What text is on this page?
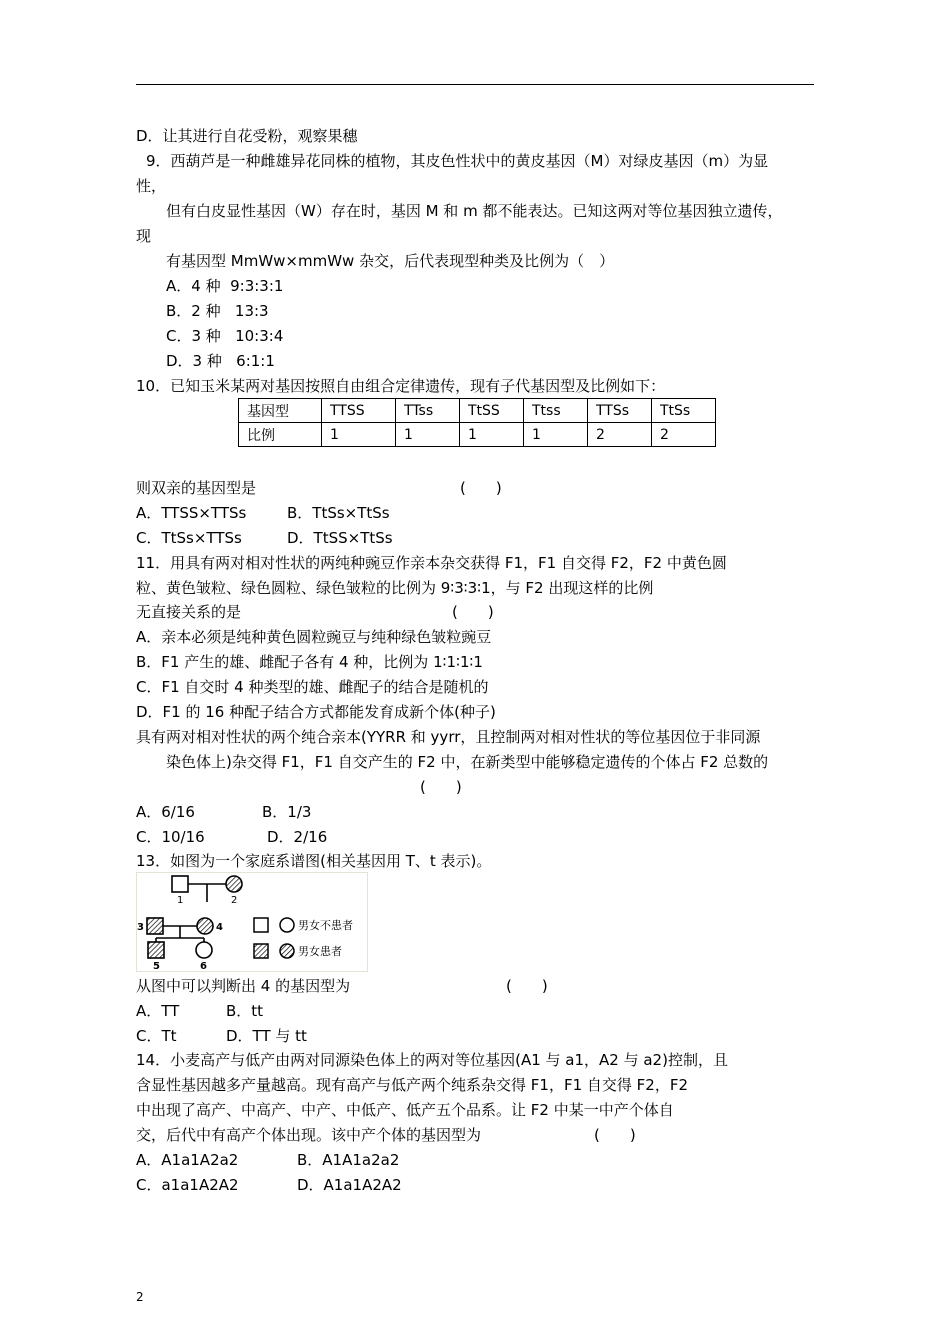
D．让其进行自花受粉，观察果穗
9．西葫芦是一种雌雄异花同株的植物，其皮色性状中的黄皮基因（M）对绿皮基因（m）为显
性，
但有白皮显性基因（W）存在时，基因 M 和 m 都不能表达。已知这两对等位基因独立遗传，
现
有基因型 MmWw×mmWw 杂交，后代表现型种类及比例为（　）
A．4 种  9:3:3:1
B．2 种   13:3
C．3 种   10:3:4
D．3 种   6:1:1
10．已知玉米某两对基因按照自由组合定律遗传，现有子代基因型及比例如下：
基因型	TTSS	TTss	TtSS	Ttss	TTSs	TtSs
比例	1	1	1	1	2	2
则双亲的基因型是	(　　)
A．TTSS×TTSs	B．TtSs×TtSs
C．TtSs×TTSs	D．TtSS×TtSs
11．用具有两对相对性状的两纯种豌豆作亲本杂交获得 F1，F1 自交得 F2，F2 中黄色圆
粒、黄色皱粒、绿色圆粒、绿色皱粒的比例为 9∶3∶3∶1，与 F2 出现这样的比例
无直接关系的是	(　　)
A．亲本必须是纯种黄色圆粒豌豆与纯种绿色皱粒豌豆
B．F1 产生的雄、雌配子各有 4 种，比例为 1∶1∶1∶1
C．F1 自交时 4 种类型的雄、雌配子的结合是随机的
D．F1 的 16 种配子结合方式都能发育成新个体(种子)
具有两对相对性状的两个纯合亲本(YYRR 和 yyrr，且控制两对相对性状的等位基因位于非同源
染色体上)杂交得 F1，F1 自交产生的 F2 中，在新类型中能够稳定遗传的个体占 F2 总数的
(　　)
A．6/16	B．1/3
C．10/16	D．2/16
13．如图为一个家庭系谱图(相关基因用 T、t 表示)。
1	2
3	4
5	6
男女不患者
男女患者
从图中可以判断出 4 的基因型为	(　　)
A．TT	B．tt
C．Tt	D．TT 与 tt
14．小麦高产与低产由两对同源染色体上的两对等位基因(A1 与 a1，A2 与 a2)控制，且
含显性基因越多产量越高。现有高产与低产两个纯系杂交得 F1，F1 自交得 F2，F2
中出现了高产、中高产、中产、中低产、低产五个品系。让 F2 中某一中产个体自
交，后代中有高产个体出现。该中产个体的基因型为	(　　)
A．A1a1A2a2	B．A1A1a2a2
C．a1a1A2A2	D．A1a1A2A2
2
